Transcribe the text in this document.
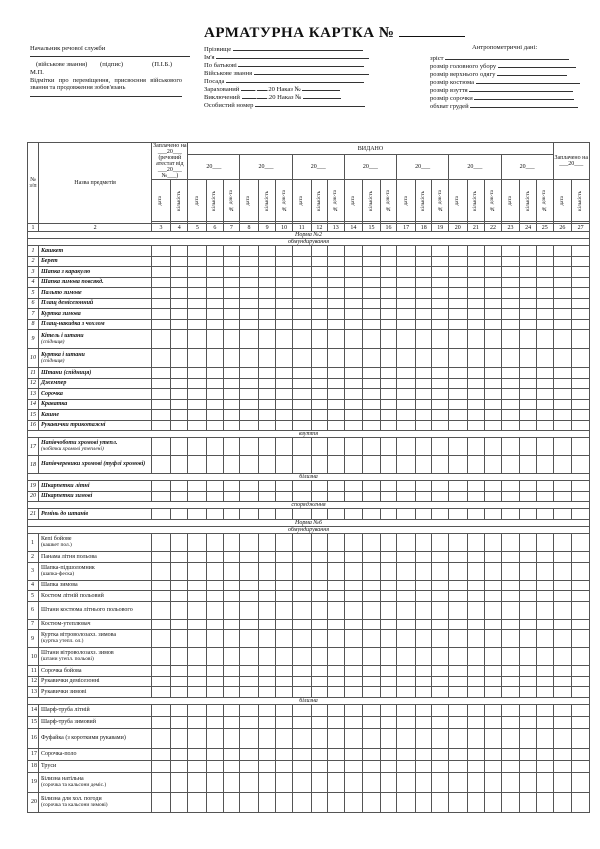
АРМАТУРНА КАРТКА №
Начальник речової служби
(військове звання) (підпис)	(П.І.Б.)
М.П.
Відмітки про переміщення, присвоєння військового звання та продовження зобов'язань
Прізвище
Ім'я
По батькові
Військове звання
Посада
Зарахований . .20 Наказ №
Виключений . .20 Наказ №
Особистий номер
Антропометричні дані:
зріст
розмір головного убору
розмір верхнього одягу
розмір костюма
розмір взуття
розмір сорочки
обхват грудей
№ з/п	Назва предметів	Заплачено на ___20___ (речовий атестат від ___20___ №___)		ВИДАНО																					Заплачено на ___20___	
				20___			20___			20___			20___			20___			20___			20___				

		дата	кількість	дата	кількість	№ док-та	дата	кількість	№ док-та	дата	кількість	№ док-та	дата	кількість	№ док-та	дата	кількість	№ док-та	дата	кількість	№ док-та	дата	кількість	№ док-та	дата	кількість

1	2	3	4	5	6	7	8	9	10	11	12	13	14	15	16	17	18	19	20	21	22	23	24	25	26	27
Норма №2																										
обмундирування																										
1	Кашкет																									
2	Берет																									
3	Шапка з каракулю																									
4	Шапка зимова повсякд.																									
5	Пальто зимове																									
6	Плащ демісезонний																									
7	Куртка зимова																									
8	Плащ-накидка з чохлом																									
9	Кітель і штани
(спідниця)																									
10	Куртка і штани
(спідниця)																									
11	Штани (спідниця)																									
12	Джемпер																									
13	Сорочка																									
14	Краватка																									
15	Кашне																									
16	Рукавички трикотажні																									
взуття																										
17	Напівчоботи хромові утепл.
(чобітки хромові утеплені)																									
18	Напівчеревики хромові (туфлі хромові)																									
білизна																										
19	Шкарпетки літні																									
20	Шкарпетки зимові																									
спорядження																										
21	Ремінь до штанів																									
Норма №6																										
обмундирування																										
1	Кепі бойове
(кашкет пол.)																									
2	Панама літня польова																									
3	Шапка-підшоломник
(шапка-феска)																									
4	Шапка зимова																									
5	Костюм літній польовий																									
6	Штани костюма літнього польового																									
7	Костюм-утеплювач																									
9	Куртка вітроволозахз. зимова
(куртка утепл. ол.)																									
10	Штани вітроволозахз. зимов
(штани утепл. польові)																									
11	Сорочка бойова																									
12	Рукавички демісезонні																									
13	Рукавички зимові																									
білизна																										
14	Шарф-труба літній																									
15	Шарф-труба зимовий																									
16	Фуфайка (з короткими рукавами)																									
17	Сорочка-поло																									
18	Труси																									
19	Білизна натільна
(сорочка та кальсони деміс.)																									
20	Білизна для хол. погоди
(сорочка та кальсони зимові)																									
